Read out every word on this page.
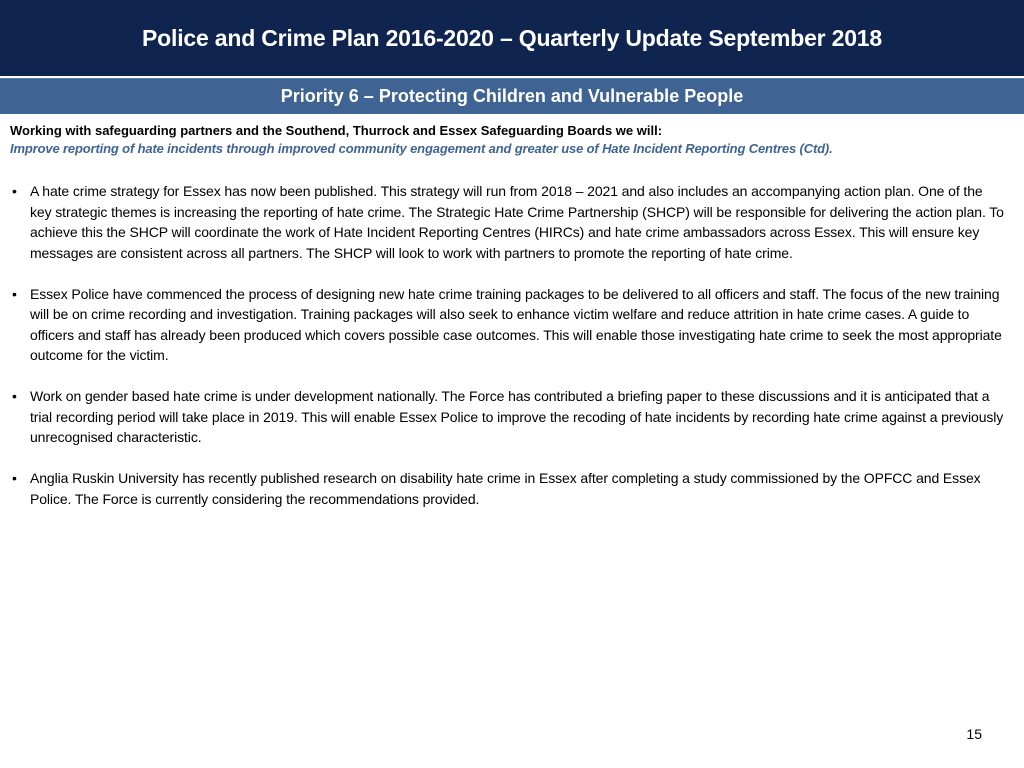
Police and Crime Plan 2016-2020 – Quarterly Update September 2018
Priority 6 – Protecting Children and Vulnerable People

Working with safeguarding partners and the Southend, Thurrock and Essex Safeguarding Boards we will:

Improve reporting of hate incidents through improved community engagement and greater use of Hate Incident Reporting Centres (Ctd).

• A hate crime strategy for Essex has now been published. This strategy will run from 2018 – 2021 and also includes an accompanying action plan. One of the key strategic themes is increasing the reporting of hate crime. The Strategic Hate Crime Partnership (SHCP) will be responsible for delivering the action plan. To achieve this the SHCP will coordinate the work of Hate Incident Reporting Centres (HIRCs) and hate crime ambassadors across Essex. This will ensure key messages are consistent across all partners. The SHCP will look to work with partners to promote the reporting of hate crime.
• Essex Police have commenced the process of designing new hate crime training packages to be delivered to all officers and staff. The focus of the new training will be on crime recording and investigation. Training packages will also seek to enhance victim welfare and reduce attrition in hate crime cases. A guide to officers and staff has already been produced which covers possible case outcomes. This will enable those investigating hate crime to seek the most appropriate outcome for the victim.
• Work on gender based hate crime is under development nationally. The Force has contributed a briefing paper to these discussions and it is anticipated that a trial recording period will take place in 2019. This will enable Essex Police to improve the recoding of hate incidents by recording hate crime against a previously unrecognised characteristic.
• Anglia Ruskin University has recently published research on disability hate crime in Essex after completing a study commissioned by the OPFCC and Essex Police. The Force is currently considering the recommendations provided.
15
